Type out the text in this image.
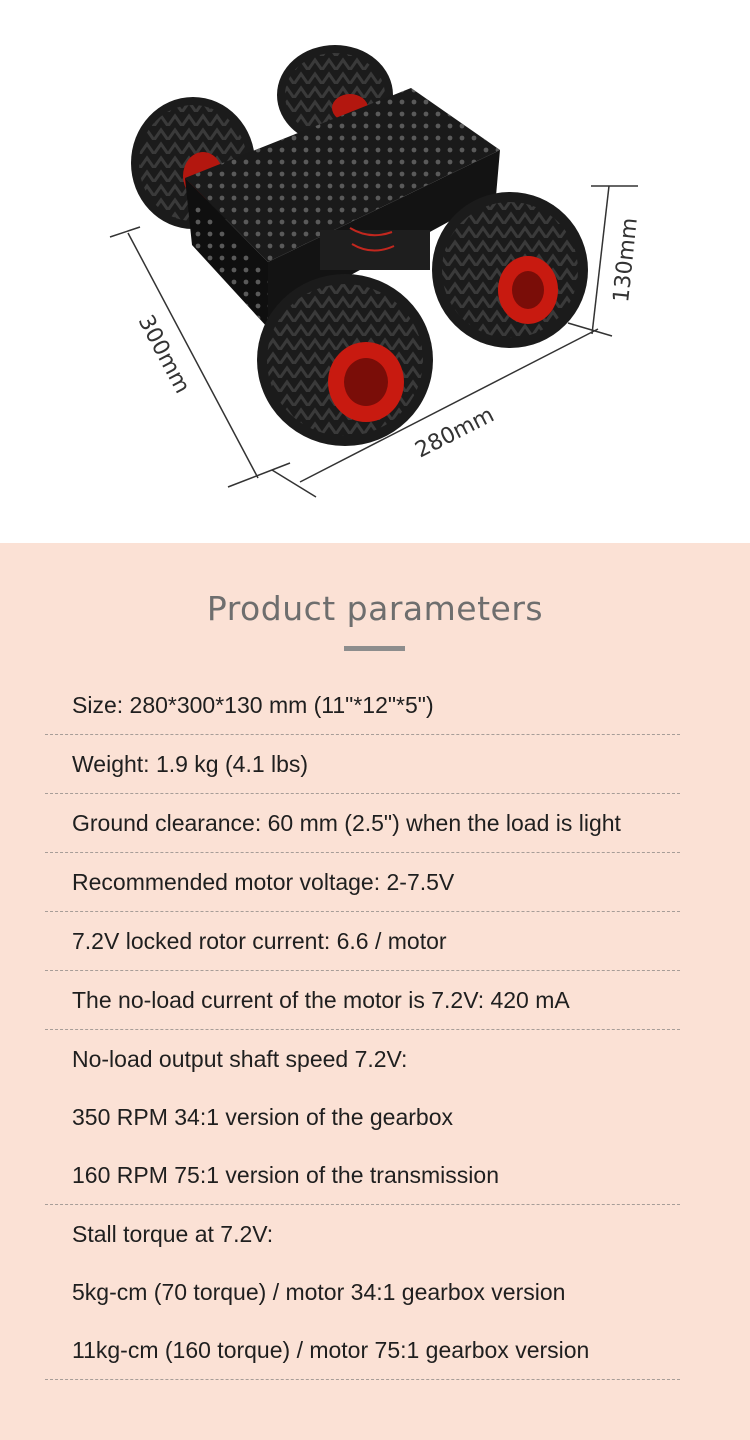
300mm
280mm
130mm
Product parameters
Size: 280*300*130 mm (11"*12"*5")
Weight: 1.9 kg (4.1 lbs)
Ground clearance: 60 mm (2.5") when the load is light
Recommended motor voltage: 2-7.5V
7.2V locked rotor current: 6.6 / motor
The no-load current of the motor is 7.2V: 420 mA
No-load output shaft speed 7.2V:
350 RPM 34:1 version of the gearbox
160 RPM 75:1 version of the transmission
Stall torque at 7.2V:
5kg-cm (70 torque) / motor 34:1 gearbox version
11kg-cm (160 torque) / motor 75:1 gearbox version
